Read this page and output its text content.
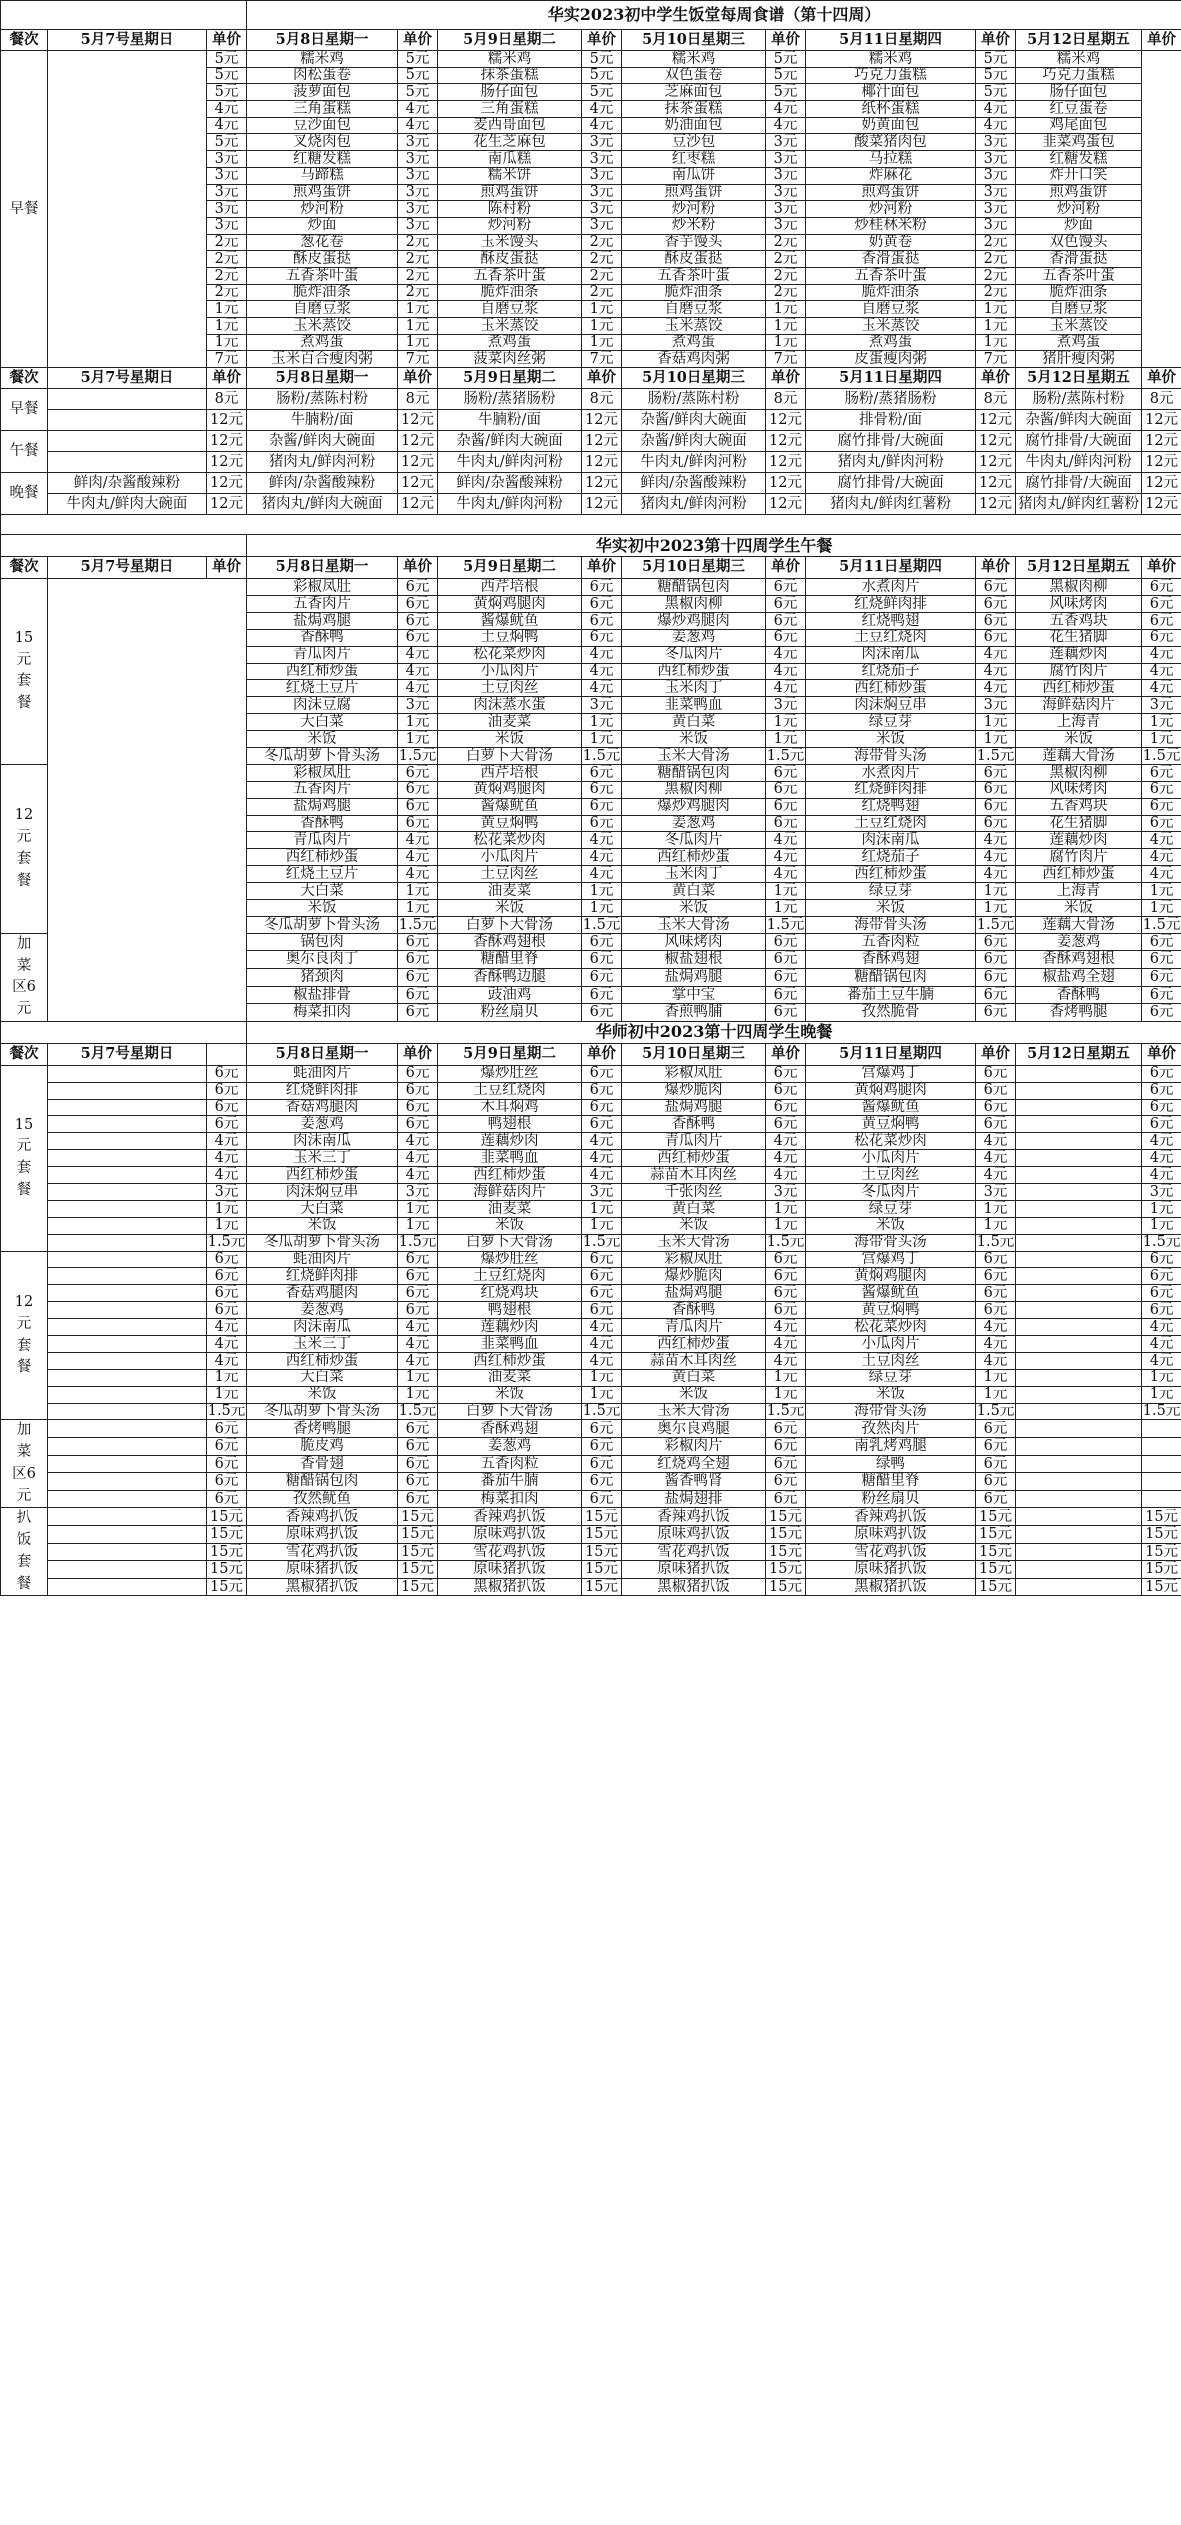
			华实2023初中学生饭堂每周食谱（第十四周）									
餐次	5月7号星期日	单价	5月8日星期一	单价	5月9日星期二	单价	5月10日星期三	单价	5月11日星期四	单价	5月12日星期五	单价
早餐		5元	糯米鸡	5元	糯米鸡	5元	糯米鸡	5元	糯米鸡	5元	糯米鸡	
		5元	肉松蛋卷	5元	抹茶蛋糕	5元	双色蛋卷	5元	巧克力蛋糕	5元	巧克力蛋糕	
		5元	菠萝面包	5元	肠仔面包	5元	芝麻面包	5元	椰汁面包	5元	肠仔面包	
		4元	三角蛋糕	4元	三角蛋糕	4元	抹茶蛋糕	4元	纸杯蛋糕	4元	红豆蛋卷	
		4元	豆沙面包	4元	麦西哥面包	4元	奶油面包	4元	奶黄面包	4元	鸡尾面包	
		5元	叉烧肉包	3元	花生芝麻包	3元	豆沙包	3元	酸菜猪肉包	3元	韭菜鸡蛋包	
		3元	红糖发糕	3元	南瓜糕	3元	红枣糕	3元	马拉糕	3元	红糖发糕	
		3元	马蹄糕	3元	糯米饼	3元	南瓜饼	3元	炸麻花	3元	炸开口笑	
		3元	煎鸡蛋饼	3元	煎鸡蛋饼	3元	煎鸡蛋饼	3元	煎鸡蛋饼	3元	煎鸡蛋饼	
		3元	炒河粉	3元	陈村粉	3元	炒河粉	3元	炒河粉	3元	炒河粉	
		3元	炒面	3元	炒河粉	3元	炒米粉	3元	炒桂林米粉	3元	炒面	
		2元	葱花卷	2元	玉米馒头	2元	香芋馒头	2元	奶黄卷	2元	双色馒头	
		2元	酥皮蛋挞	2元	酥皮蛋挞	2元	酥皮蛋挞	2元	香滑蛋挞	2元	香滑蛋挞	
		2元	五香茶叶蛋	2元	五香茶叶蛋	2元	五香茶叶蛋	2元	五香茶叶蛋	2元	五香茶叶蛋	
		2元	脆炸油条	2元	脆炸油条	2元	脆炸油条	2元	脆炸油条	2元	脆炸油条	
		1元	自磨豆浆	1元	自磨豆浆	1元	自磨豆浆	1元	自磨豆浆	1元	自磨豆浆	
		1元	玉米蒸饺	1元	玉米蒸饺	1元	玉米蒸饺	1元	玉米蒸饺	1元	玉米蒸饺	
		1元	煮鸡蛋	1元	煮鸡蛋	1元	煮鸡蛋	1元	煮鸡蛋	1元	煮鸡蛋	
		7元	玉米百合瘦肉粥	7元	菠菜肉丝粥	7元	香菇鸡肉粥	7元	皮蛋瘦肉粥	7元	猪肝瘦肉粥	
餐次	5月7号星期日	单价	5月8日星期一	单价	5月9日星期二	单价	5月10日星期三	单价	5月11日星期四	单价	5月12日星期五	单价
早餐		8元	肠粉/蒸陈村粉	8元	肠粉/蒸猪肠粉	8元	肠粉/蒸陈村粉	8元	肠粉/蒸猪肠粉	8元	肠粉/蒸陈村粉	8元
		12元	牛腩粉/面	12元	牛腩粉/面	12元	杂酱/鲜肉大碗面	12元	排骨粉/面	12元	杂酱/鲜肉大碗面	12元
午餐		12元	杂酱/鲜肉大碗面	12元	杂酱/鲜肉大碗面	12元	杂酱/鲜肉大碗面	12元	腐竹排骨/大碗面	12元	腐竹排骨/大碗面	12元
		12元	猪肉丸/鲜肉河粉	12元	牛肉丸/鲜肉河粉	12元	牛肉丸/鲜肉河粉	12元	猪肉丸/鲜肉河粉	12元	牛肉丸/鲜肉河粉	12元
晚餐	鲜肉/杂酱酸辣粉	12元	鲜肉/杂酱酸辣粉	12元	鲜肉/杂酱酸辣粉	12元	鲜肉/杂酱酸辣粉	12元	腐竹排骨/大碗面	12元	腐竹排骨/大碗面	12元
	牛肉丸/鲜肉大碗面	12元	猪肉丸/鲜肉大碗面	12元	牛肉丸/鲜肉河粉	12元	猪肉丸/鲜肉河粉	12元	猪肉丸/鲜肉红薯粉	12元	猪肉丸/鲜肉红薯粉	12元

			华实初中2023第十四周学生午餐									
餐次	5月7号星期日	单价	5月8日星期一	单价	5月9日星期二	单价	5月10日星期三	单价	5月11日星期四	单价	5月12日星期五	单价
15元套餐			彩椒凤肚	6元	西芹培根	6元	糖醋锅包肉	6元	水煮肉片	6元	黑椒肉柳	6元
			五香肉片	6元	黄焖鸡腿肉	6元	黑椒肉柳	6元	红烧鲜肉排	6元	风味烤肉	6元
			盐焗鸡腿	6元	酱爆鱿鱼	6元	爆炒鸡腿肉	6元	红烧鸭翅	6元	五香鸡块	6元
			香酥鸭	6元	土豆焖鸭	6元	姜葱鸡	6元	土豆红烧肉	6元	花生猪脚	6元
			青瓜肉片	4元	松花菜炒肉	4元	冬瓜肉片	4元	肉沫南瓜	4元	莲藕炒肉	4元
			西红柿炒蛋	4元	小瓜肉片	4元	西红柿炒蛋	4元	红烧茄子	4元	腐竹肉片	4元
			红烧土豆片	4元	土豆肉丝	4元	玉米肉丁	4元	西红柿炒蛋	4元	西红柿炒蛋	4元
			肉沫豆腐	3元	肉沫蒸水蛋	3元	韭菜鸭血	3元	肉沫焖豆串	3元	海鲜菇肉片	3元
			大白菜	1元	油麦菜	1元	黄白菜	1元	绿豆芽	1元	上海青	1元
			米饭	1元	米饭	1元	米饭	1元	米饭	1元	米饭	1元
			冬瓜胡萝卜骨头汤	1.5元	白萝卜大骨汤	1.5元	玉米大骨汤	1.5元	海带骨头汤	1.5元	莲藕大骨汤	1.5元
12元套餐			彩椒凤肚	6元	西芹培根	6元	糖醋锅包肉	6元	水煮肉片	6元	黑椒肉柳	6元
			五香肉片	6元	黄焖鸡腿肉	6元	黑椒肉柳	6元	红烧鲜肉排	6元	风味烤肉	6元
			盐焗鸡腿	6元	酱爆鱿鱼	6元	爆炒鸡腿肉	6元	红烧鸭翅	6元	五香鸡块	6元
			香酥鸭	6元	黄豆焖鸭	6元	姜葱鸡	6元	土豆红烧肉	6元	花生猪脚	6元
			青瓜肉片	4元	松花菜炒肉	4元	冬瓜肉片	4元	肉沫南瓜	4元	莲藕炒肉	4元
			西红柿炒蛋	4元	小瓜肉片	4元	西红柿炒蛋	4元	红烧茄子	4元	腐竹肉片	4元
			红烧土豆片	4元	土豆肉丝	4元	玉米肉丁	4元	西红柿炒蛋	4元	西红柿炒蛋	4元
			大白菜	1元	油麦菜	1元	黄白菜	1元	绿豆芽	1元	上海青	1元
			米饭	1元	米饭	1元	米饭	1元	米饭	1元	米饭	1元
			冬瓜胡萝卜骨头汤	1.5元	白萝卜大骨汤	1.5元	玉米大骨汤	1.5元	海带骨头汤	1.5元	莲藕大骨汤	1.5元
加菜区6元			锅包肉	6元	香酥鸡翅根	6元	风味烤肉	6元	五香肉粒	6元	姜葱鸡	6元
			奥尔良肉丁	6元	糖醋里脊	6元	椒盐翅根	6元	香酥鸡翅	6元	香酥鸡翅根	6元
			猪颈肉	6元	香酥鸭边腿	6元	盐焗鸡腿	6元	糖醋锅包肉	6元	椒盐鸡全翅	6元
			椒盐排骨	6元	豉油鸡	6元	掌中宝	6元	番茄土豆牛腩	6元	香酥鸭	6元
			梅菜扣肉	6元	粉丝扇贝	6元	香煎鸭脯	6元	孜然脆骨	6元	香烤鸭腿	6元
			华师初中2023第十四周学生晚餐									
餐次	5月7号星期日		5月8日星期一	单价	5月9日星期二	单价	5月10日星期三	单价	5月11日星期四	单价	5月12日星期五	单价
15元套餐		6元	蚝油肉片	6元	爆炒肚丝	6元	彩椒凤肚	6元	宫爆鸡丁	6元		6元
		6元	红烧鲜肉排	6元	土豆红烧肉	6元	爆炒脆肉	6元	黄焖鸡腿肉	6元		6元
		6元	香菇鸡腿肉	6元	木耳焖鸡	6元	盐焗鸡腿	6元	酱爆鱿鱼	6元		6元
		6元	姜葱鸡	6元	鸭翅根	6元	香酥鸭	6元	黄豆焖鸭	6元		6元
		4元	肉沫南瓜	4元	莲藕炒肉	4元	青瓜肉片	4元	松花菜炒肉	4元		4元
		4元	玉米三丁	4元	韭菜鸭血	4元	西红柿炒蛋	4元	小瓜肉片	4元		4元
		4元	西红柿炒蛋	4元	西红柿炒蛋	4元	蒜苗木耳肉丝	4元	土豆肉丝	4元		4元
		3元	肉沫焖豆串	3元	海鲜菇肉片	3元	千张肉丝	3元	冬瓜肉片	3元		3元
		1元	大白菜	1元	油麦菜	1元	黄白菜	1元	绿豆芽	1元		1元
		1元	米饭	1元	米饭	1元	米饭	1元	米饭	1元		1元
		1.5元	冬瓜胡萝卜骨头汤	1.5元	白萝卜大骨汤	1.5元	玉米大骨汤	1.5元	海带骨头汤	1.5元		1.5元
12元套餐		6元	蚝油肉片	6元	爆炒肚丝	6元	彩椒凤肚	6元	宫爆鸡丁	6元		6元
		6元	红烧鲜肉排	6元	土豆红烧肉	6元	爆炒脆肉	6元	黄焖鸡腿肉	6元		6元
		6元	香菇鸡腿肉	6元	红烧鸡块	6元	盐焗鸡腿	6元	酱爆鱿鱼	6元		6元
		6元	姜葱鸡	6元	鸭翅根	6元	香酥鸭	6元	黄豆焖鸭	6元		6元
		4元	肉沫南瓜	4元	莲藕炒肉	4元	青瓜肉片	4元	松花菜炒肉	4元		4元
		4元	玉米三丁	4元	韭菜鸭血	4元	西红柿炒蛋	4元	小瓜肉片	4元		4元
		4元	西红柿炒蛋	4元	西红柿炒蛋	4元	蒜苗木耳肉丝	4元	土豆肉丝	4元		4元
		1元	大白菜	1元	油麦菜	1元	黄白菜	1元	绿豆芽	1元		1元
		1元	米饭	1元	米饭	1元	米饭	1元	米饭	1元		1元
		1.5元	冬瓜胡萝卜骨头汤	1.5元	白萝卜大骨汤	1.5元	玉米大骨汤	1.5元	海带骨头汤	1.5元		1.5元
加菜区6元		6元	香烤鸭腿	6元	香酥鸡翅	6元	奥尔良鸡腿	6元	孜然肉片	6元		
		6元	脆皮鸡	6元	姜葱鸡	6元	彩椒肉片	6元	南乳烤鸡腿	6元		
		6元	香骨翅	6元	五香肉粒	6元	红烧鸡全翅	6元	绿鸭	6元		
		6元	糖醋锅包肉	6元	番茄牛腩	6元	酱香鸭肾	6元	糖醋里脊	6元		
		6元	孜然鱿鱼	6元	梅菜扣肉	6元	盐焗翅排	6元	粉丝扇贝	6元		
扒饭套餐		15元	香辣鸡扒饭	15元	香辣鸡扒饭	15元	香辣鸡扒饭	15元	香辣鸡扒饭	15元		15元
		15元	原味鸡扒饭	15元	原味鸡扒饭	15元	原味鸡扒饭	15元	原味鸡扒饭	15元		15元
		15元	雪花鸡扒饭	15元	雪花鸡扒饭	15元	雪花鸡扒饭	15元	雪花鸡扒饭	15元		15元
		15元	原味猪扒饭	15元	原味猪扒饭	15元	原味猪扒饭	15元	原味猪扒饭	15元		15元
		15元	黑椒猪扒饭	15元	黑椒猪扒饭	15元	黑椒猪扒饭	15元	黑椒猪扒饭	15元		15元
